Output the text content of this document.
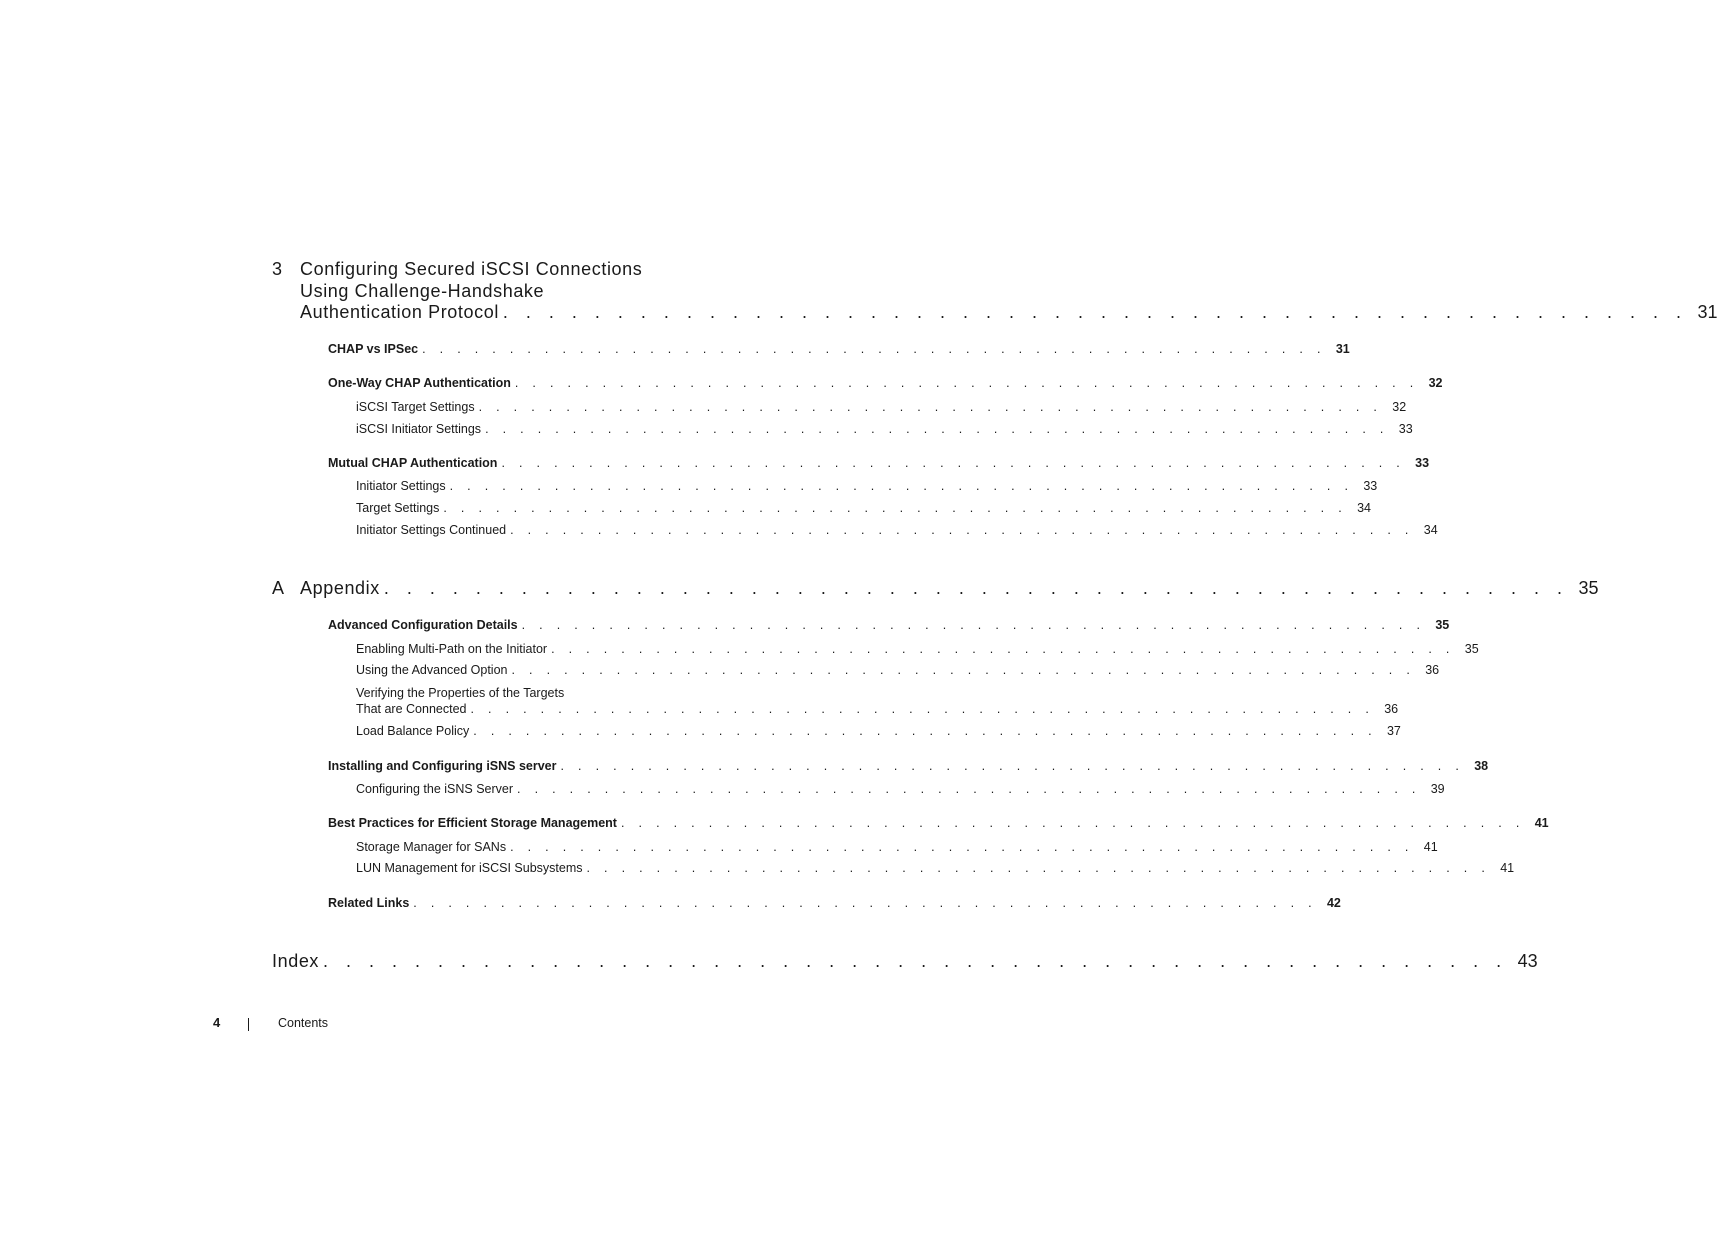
3 Configuring Secured iSCSI Connections
Using Challenge-Handshake
Authentication Protocol . . . . . . . . . . . . . . . . . . . . . . . . . . . . . . . . . . . . . . . . . . . . . . . . . . . . 31
CHAP vs IPSec . . . . . . . . . . . . . . . . . . . . . . . . . . . . . . . . . . . . . . . . . . . . . . . . . . . . 31
One-Way CHAP Authentication . . . . . . . . . . . . . . . . . . . . . . . . . . . . . . . . . . . . . . . . . . . . . . . . . . . . 32
iSCSI Target Settings . . . . . . . . . . . . . . . . . . . . . . . . . . . . . . . . . . . . . . . . . . . . . . . . . . . . 32
iSCSI Initiator Settings . . . . . . . . . . . . . . . . . . . . . . . . . . . . . . . . . . . . . . . . . . . . . . . . . . . . 33
Mutual CHAP Authentication . . . . . . . . . . . . . . . . . . . . . . . . . . . . . . . . . . . . . . . . . . . . . . . . . . . . 33
Initiator Settings . . . . . . . . . . . . . . . . . . . . . . . . . . . . . . . . . . . . . . . . . . . . . . . . . . . . 33
Target Settings . . . . . . . . . . . . . . . . . . . . . . . . . . . . . . . . . . . . . . . . . . . . . . . . . . . . 34
Initiator Settings Continued . . . . . . . . . . . . . . . . . . . . . . . . . . . . . . . . . . . . . . . . . . . . . . . . . . . . 34
A Appendix . . . . . . . . . . . . . . . . . . . . . . . . . . . . . . . . . . . . . . . . . . . . . . . . . . . . 35
Advanced Configuration Details . . . . . . . . . . . . . . . . . . . . . . . . . . . . . . . . . . . . . . . . . . . . . . . . . . . . 35
Enabling Multi-Path on the Initiator . . . . . . . . . . . . . . . . . . . . . . . . . . . . . . . . . . . . . . . . . . . . . . . . . . . . 35
Using the Advanced Option . . . . . . . . . . . . . . . . . . . . . . . . . . . . . . . . . . . . . . . . . . . . . . . . . . . . 36
Verifying the Properties of the Targets
That are Connected . . . . . . . . . . . . . . . . . . . . . . . . . . . . . . . . . . . . . . . . . . . . . . . . . . . . 36
Load Balance Policy . . . . . . . . . . . . . . . . . . . . . . . . . . . . . . . . . . . . . . . . . . . . . . . . . . . . 37
Installing and Configuring iSNS server . . . . . . . . . . . . . . . . . . . . . . . . . . . . . . . . . . . . . . . . . . . . . . . . . . . . 38
Configuring the iSNS Server . . . . . . . . . . . . . . . . . . . . . . . . . . . . . . . . . . . . . . . . . . . . . . . . . . . . 39
Best Practices for Efficient Storage Management . . . . . . . . . . . . . . . . . . . . . . . . . . . . . . . . . . . . . . . . . . . . . . . . . . . . 41
Storage Manager for SANs . . . . . . . . . . . . . . . . . . . . . . . . . . . . . . . . . . . . . . . . . . . . . . . . . . . . 41
LUN Management for iSCSI Subsystems . . . . . . . . . . . . . . . . . . . . . . . . . . . . . . . . . . . . . . . . . . . . . . . . . . . . 41
Related Links . . . . . . . . . . . . . . . . . . . . . . . . . . . . . . . . . . . . . . . . . . . . . . . . . . . . 42
Index . . . . . . . . . . . . . . . . . . . . . . . . . . . . . . . . . . . . . . . . . . . . . . . . . . . . 43
4	Contents
